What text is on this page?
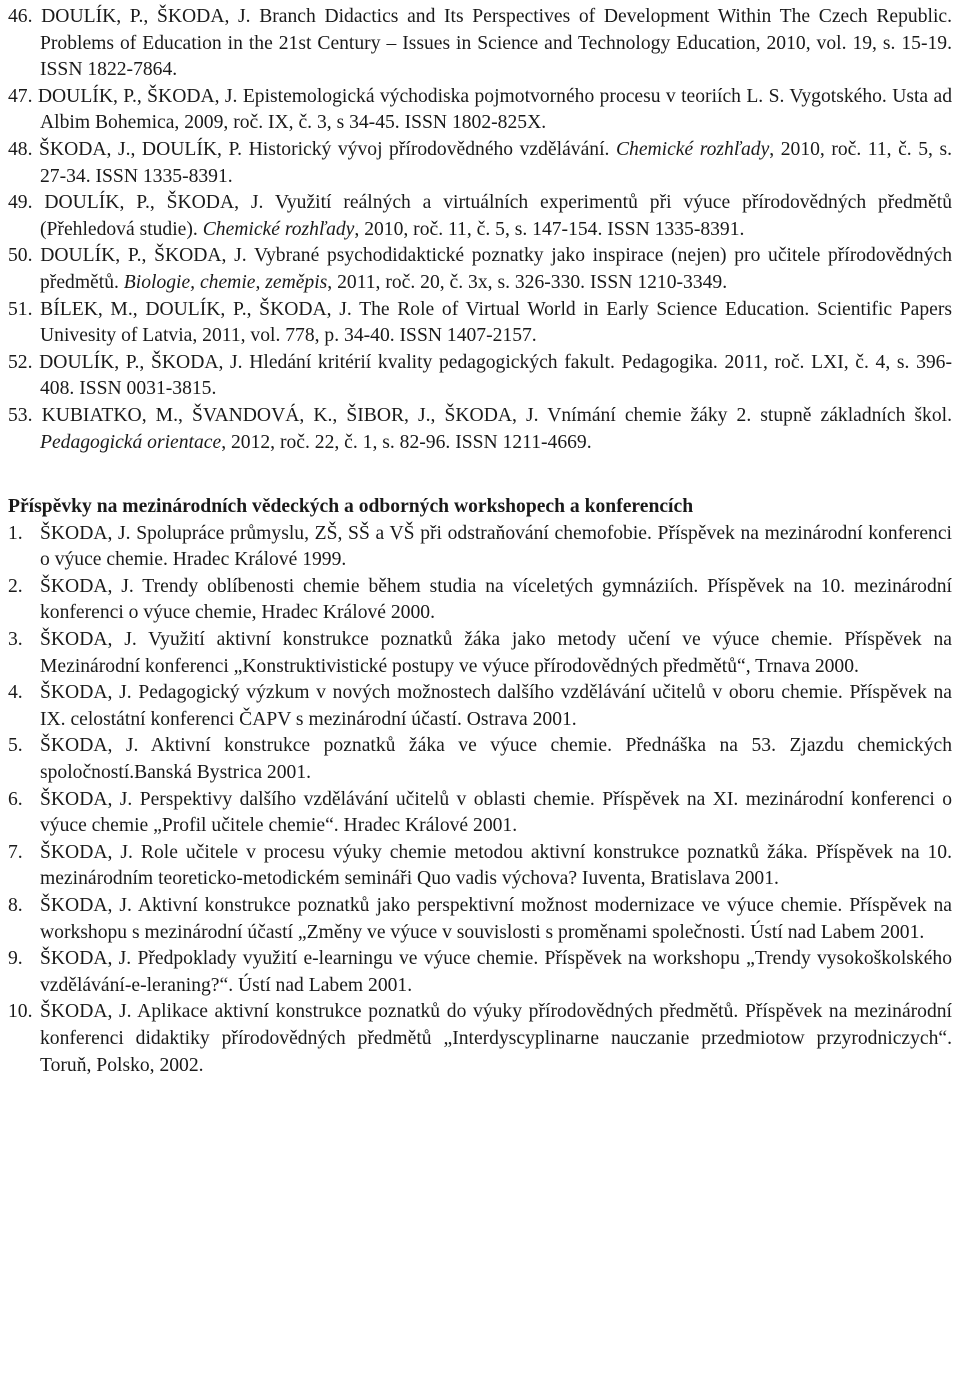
46. DOULÍK, P., ŠKODA, J. Branch Didactics and Its Perspectives of Development Within The Czech Republic. Problems of Education in the 21st Century – Issues in Science and Technology Education, 2010, vol. 19, s. 15-19. ISSN 1822-7864.
47. DOULÍK, P., ŠKODA, J. Epistemologická východiska pojmotvorného procesu v teoriích L. S. Vygotského. Usta ad Albim Bohemica, 2009, roč. IX, č. 3, s 34-45. ISSN 1802-825X.
48. ŠKODA, J., DOULÍK, P. Historický vývoj přírodovědného vzdělávání. Chemické rozhľady, 2010, roč. 11, č. 5, s. 27-34. ISSN 1335-8391.
49. DOULÍK, P., ŠKODA, J. Využití reálných a virtuálních experimentů při výuce přírodovědných předmětů (Přehledová studie). Chemické rozhľady, 2010, roč. 11, č. 5, s. 147-154. ISSN 1335-8391.
50. DOULÍK, P., ŠKODA, J. Vybrané psychodidaktické poznatky jako inspirace (nejen) pro učitele přírodovědných předmětů. Biologie, chemie, zeměpis, 2011, roč. 20, č. 3x, s. 326-330. ISSN 1210-3349.
51. BÍLEK, M., DOULÍK, P., ŠKODA, J. The Role of Virtual World in Early Science Education. Scientific Papers Univesity of Latvia, 2011, vol. 778, p. 34-40. ISSN 1407-2157.
52. DOULÍK, P., ŠKODA, J. Hledání kritérií kvality pedagogických fakult. Pedagogika. 2011, roč. LXI, č. 4, s. 396-408. ISSN 0031-3815.
53. KUBIATKO, M., ŠVANDOVÁ, K., ŠIBOR, J., ŠKODA, J. Vnímání chemie žáky 2. stupně základních škol. Pedagogická orientace, 2012, roč. 22, č. 1, s. 82-96. ISSN 1211-4669.
Příspěvky na mezinárodních vědeckých a odborných workshopech a konferencích
1. ŠKODA, J. Spolupráce průmyslu, ZŠ, SŠ a VŠ při odstraňování chemofobie. Příspěvek na mezinárodní konferenci o výuce chemie. Hradec Králové 1999.
2. ŠKODA, J. Trendy oblíbenosti chemie během studia na víceletých gymnáziích. Příspěvek na 10. mezinárodní konferenci o výuce chemie, Hradec Králové 2000.
3. ŠKODA, J. Využití aktivní konstrukce poznatků žáka jako metody učení ve výuce chemie. Příspěvek na Mezinárodní konferenci „Konstruktivistické postupy ve výuce přírodovědných předmětů“, Trnava 2000.
4. ŠKODA, J. Pedagogický výzkum v nových možnostech dalšího vzdělávání učitelů v oboru chemie. Příspěvek na IX. celostátní konferenci ČAPV s mezinárodní účastí. Ostrava 2001.
5. ŠKODA, J. Aktivní konstrukce poznatků žáka ve výuce chemie. Přednáška na 53. Zjazdu chemických spoločností.Banská Bystrica 2001.
6. ŠKODA, J. Perspektivy dalšího vzdělávání učitelů v oblasti chemie. Příspěvek na XI. mezinárodní konferenci o výuce chemie „Profil učitele chemie“. Hradec Králové 2001.
7. ŠKODA, J. Role učitele v procesu výuky chemie metodou aktivní konstrukce poznatků žáka. Příspěvek na 10. mezinárodním teoreticko-metodickém semináři Quo vadis výchova? Iuventa, Bratislava 2001.
8. ŠKODA, J. Aktivní konstrukce poznatků jako perspektivní možnost modernizace ve výuce chemie. Příspěvek na workshopu s mezinárodní účastí „Změny ve výuce v souvislosti s proměnami společnosti. Ústí nad Labem 2001.
9. ŠKODA, J. Předpoklady využití e-learningu ve výuce chemie. Příspěvek na workshopu „Trendy vysokoškolského vzdělávání-e-leraning?“. Ústí nad Labem 2001.
10. ŠKODA, J. Aplikace aktivní konstrukce poznatků do výuky přírodovědných předmětů. Příspěvek na mezinárodní konferenci didaktiky přírodovědných předmětů „Interdyscyplinarne nauczanie przedmiotow przyrodniczych“. Toruň, Polsko, 2002.
